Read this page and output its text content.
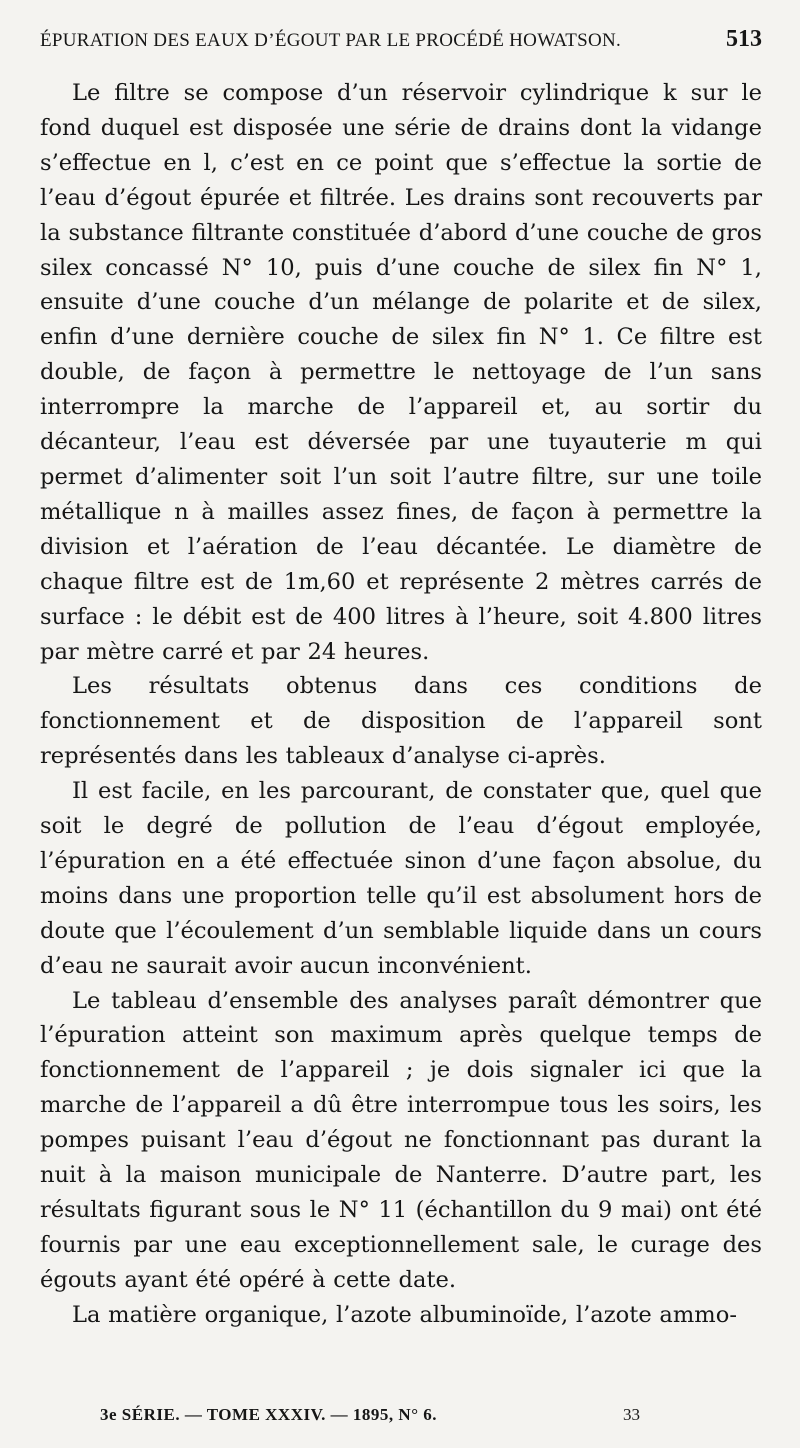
ÉPURATION DES EAUX D’ÉGOUT PAR LE PROCÉDÉ HOWATSON.	513

Le filtre se compose d’un réservoir cylindrique k sur le fond duquel est disposée une série de drains dont la vidange s’effectue en l, c’est en ce point que s’effectue la sortie de l’eau d’égout épurée et filtrée. Les drains sont recouverts par la substance filtrante constituée d’abord d’une couche de gros silex concassé N° 10, puis d’une couche de silex fin N° 1, ensuite d’une couche d’un mélange de polarite et de silex, enfin d’une dernière couche de silex fin N° 1. Ce filtre est double, de façon à permettre le nettoyage de l’un sans interrompre la marche de l’appareil et, au sortir du décanteur, l’eau est déversée par une tuyauterie m qui permet d’alimenter soit l’un soit l’autre filtre, sur une toile métallique n à mailles assez fines, de façon à permettre la division et l’aération de l’eau décantée. Le diamètre de chaque filtre est de 1m,60 et représente 2 mètres carrés de surface : le débit est de 400 litres à l’heure, soit 4.800 litres par mètre carré et par 24 heures.

Les résultats obtenus dans ces conditions de fonctionnement et de disposition de l’appareil sont représentés dans les tableaux d’analyse ci-après.

Il est facile, en les parcourant, de constater que, quel que soit le degré de pollution de l’eau d’égout employée, l’épuration en a été effectuée sinon d’une façon absolue, du moins dans une proportion telle qu’il est absolument hors de doute que l’écoulement d’un semblable liquide dans un cours d’eau ne saurait avoir aucun inconvénient.

Le tableau d’ensemble des analyses paraît démontrer que l’épuration atteint son maximum après quelque temps de fonctionnement de l’appareil ; je dois signaler ici que la marche de l’appareil a dû être interrompue tous les soirs, les pompes puisant l’eau d’égout ne fonctionnant pas durant la nuit à la maison municipale de Nanterre. D’autre part, les résultats figurant sous le N° 11 (échantillon du 9 mai) ont été fournis par une eau exceptionnellement sale, le curage des égouts ayant été opéré à cette date.

La matière organique, l’azote albuminoïde, l’azote ammo-

3e SÉRIE. — TOME XXXIV. — 1895, N° 6.	33
